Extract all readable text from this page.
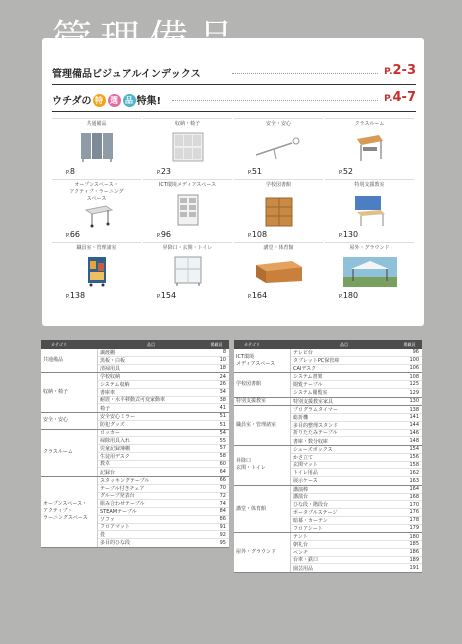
管理備品ビジュアルインデックス	P.2-3
ウチダの 特 選 品 特集!	P.4-7
共通備品
P.8
収納・椅子
P.23
安全・安心
P.51
クラスルーム
P.52
オープンスペース・
アクティブ・ラーニング
スペース
P.66
ICT環境メディアスペース
P.96
学校図書館
P.108
特別支援教室
P.130
職員室・管理諸室
P.138
昇降口・玄関・トイレ
P.154
講堂・体育館
P.164
屋外・グラウンド
P.180
カテゴリ	品目	掲載頁
共通備品
譲渡棚	8
黒板・白板	10
清掃用具	18
収納・椅子
学校収納	24
システム収納	26
書庫車	34
耐震・水平移動式可変家動車	38
椅子	41
安全・安心
安全安心ミラー	51
防犯グッズ	51
クラスルーム
ロッカー	54
掃除用具入れ	55
児童記録簿棚	57
生徒用デスク	58
教卓	60
記録台	64
オープンスペース・
アクティブ・
ラーニングスペース
スタッキングテーブル	66
テーブル付きチェア	70
グループ発表台	72
組み合わせテーブル	74
STEAMテーブル	84
ソファ	86
フロアマット	91
畳	92
多目的ひな段	95
カテゴリ	品目	掲載頁
ICT環境
メディアスペース
テレビ台	96
タブレットPC保管庫	100
CAIデスク	106
学校図書館
システム書架	108
閲覧テーブル	125
システム閲覧室	129
特別支援教室	特別支援教室家具	130
職員室・管理諸室
プログラムタイマー	138
総折機	141
多目的整理スタンド	144
折りたたみテーブル	146
書庫・数分収庫	148
昇降口
玄関・トイレ
シューズボックス	154
かさ立て	156
玄関マット	158
トイレ用品	162
展示ケース	163
講堂・体育館
講演棒	164
講演台	168
ひな段・階段台	170
ポータブルステージ	176
暗幕・カーテン	178
フロアシート	179
屋外・グラウンド
テント	180
朝礼台	185
ベンチ	186
台車・鉄口	189
園芸用品	191
